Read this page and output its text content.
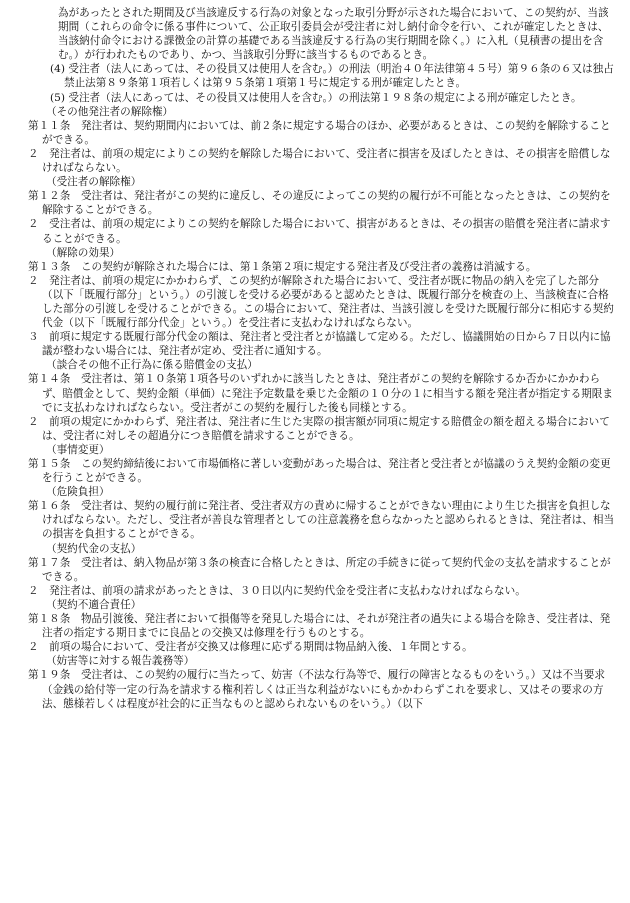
為があったとされた期間及び当該違反する行為の対象となった取引分野が示された場合において、この契約が、当該期間（これらの命令に係る事件について、公正取引委員会が受注者に対し納付命令を行い、これが確定したときは、当該納付命令における課徴金の計算の基礎である当該違反する行為の実行期間を除く。）に入札（見積書の提出を含む。）が行われたものであり、かつ、当該取引分野に該当するものであるとき。

(4) 受注者（法人にあっては、その役員又は使用人を含む。）の刑法（明治４０年法律第４５号）第９６条の６又は独占禁止法第８９条第１項若しくは第９５条第１項第１号に規定する刑が確定したとき。

(5) 受注者（法人にあっては、その役員又は使用人を含む。）の刑法第１９８条の規定による刑が確定したとき。

（その他発注者の解除権）

第１１条　発注者は、契約期間内においては、前２条に規定する場合のほか、必要があるときは、この契約を解除することができる。

２　発注者は、前項の規定によりこの契約を解除した場合において、受注者に損害を及ぼしたときは、その損害を賠償しなければならない。

（受注者の解除権）

第１２条　受注者は、発注者がこの契約に違反し、その違反によってこの契約の履行が不可能となったときは、この契約を解除することができる。

２　受注者は、前項の規定によりこの契約を解除した場合において、損害があるときは、その損害の賠償を発注者に請求することができる。

（解除の効果）

第１３条　この契約が解除された場合には、第１条第２項に規定する発注者及び受注者の義務は消滅する。

２　発注者は、前項の規定にかかわらず、この契約が解除された場合において、受注者が既に物品の納入を完了した部分（以下「既履行部分」という。）の引渡しを受ける必要があると認めたときは、既履行部分を検査の上、当該検査に合格した部分の引渡しを受けることができる。この場合において、発注者は、当該引渡しを受けた既履行部分に相応する契約代金（以下「既履行部分代金」という。）を受注者に支払わなければならない。

３　前項に規定する既履行部分代金の額は、発注者と受注者とが協議して定める。ただし、協議開始の日から７日以内に協議が整わない場合には、発注者が定め、受注者に通知する。

（談合その他不正行為に係る賠償金の支払）

第１４条　受注者は、第１０条第１項各号のいずれかに該当したときは、発注者がこの契約を解除するか否かにかかわらず、賠償金として、契約金額（単価）に発注予定数量を乗じた金額の１０分の１に相当する額を発注者が指定する期限までに支払わなければならない。受注者がこの契約を履行した後も同様とする。

２　前項の規定にかかわらず、発注者は、発注者に生じた実際の損害額が同項に規定する賠償金の額を超える場合においては、受注者に対しその超過分につき賠償を請求することができる。

（事情変更）

第１５条　この契約締結後において市場価格に著しい変動があった場合は、発注者と受注者とが協議のうえ契約金額の変更を行うことができる。

（危険負担）

第１６条　受注者は、契約の履行前に発注者、受注者双方の責めに帰することができない理由により生じた損害を負担しなければならない。ただし、受注者が善良な管理者としての注意義務を怠らなかったと認められるときは、発注者は、相当の損害を負担することができる。

（契約代金の支払）

第１７条　受注者は、納入物品が第３条の検査に合格したときは、所定の手続きに従って契約代金の支払を請求することができる。

２　発注者は、前項の請求があったときは、３０日以内に契約代金を受注者に支払わなければならない。

（契約不適合責任）

第１８条　物品引渡後、発注者において損傷等を発見した場合には、それが発注者の過失による場合を除き、受注者は、発注者の指定する期日までに良品との交換又は修理を行うものとする。

２　前項の場合において、受注者が交換又は修理に応ずる期間は物品納入後、１年間とする。

（妨害等に対する報告義務等）

第１９条　受注者は、この契約の履行に当たって、妨害（不法な行為等で、履行の障害となるものをいう。）又は不当要求（金銭の給付等一定の行為を請求する権利若しくは正当な利益がないにもかかわらずこれを要求し、又はその要求の方法、態様若しくは程度が社会的に正当なものと認められないものをいう。）（以下
